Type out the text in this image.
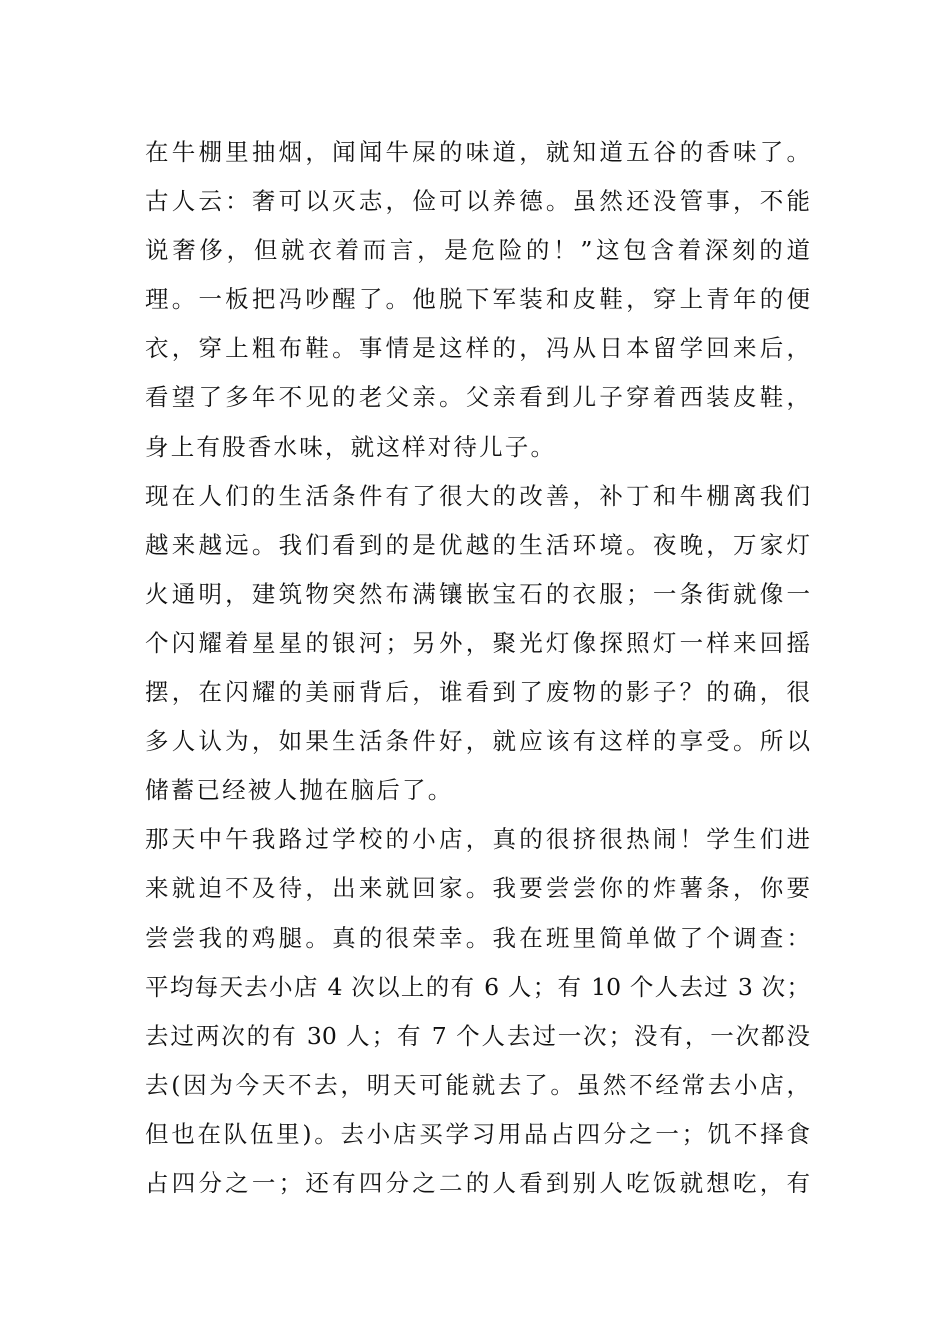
在牛棚里抽烟，闻闻牛屎的味道，就知道五谷的香味了。
古人云：奢可以灭志，俭可以养德。虽然还没管事，不能
说奢侈，但就衣着而言，是危险的！”这包含着深刻的道
理。一板把冯吵醒了。他脱下军装和皮鞋，穿上青年的便
衣，穿上粗布鞋。事情是这样的，冯从日本留学回来后，
看望了多年不见的老父亲。父亲看到儿子穿着西装皮鞋，
身上有股香水味，就这样对待儿子。
现在人们的生活条件有了很大的改善，补丁和牛棚离我们
越来越远。我们看到的是优越的生活环境。夜晚，万家灯
火通明，建筑物突然布满镶嵌宝石的衣服；一条街就像一
个闪耀着星星的银河；另外，聚光灯像探照灯一样来回摇
摆，在闪耀的美丽背后，谁看到了废物的影子？的确，很
多人认为，如果生活条件好，就应该有这样的享受。所以
储蓄已经被人抛在脑后了。
那天中午我路过学校的小店，真的很挤很热闹！学生们进
来就迫不及待，出来就回家。我要尝尝你的炸薯条，你要
尝尝我的鸡腿。真的很荣幸。我在班里简单做了个调查：
平均每天去小店 4 次以上的有 6 人；有 10 个人去过 3 次；
去过两次的有 30 人；有 7 个人去过一次；没有，一次都没
去(因为今天不去，明天可能就去了。虽然不经常去小店，
但也在队伍里)。去小店买学习用品占四分之一；饥不择食
占四分之一；还有四分之二的人看到别人吃饭就想吃，有
